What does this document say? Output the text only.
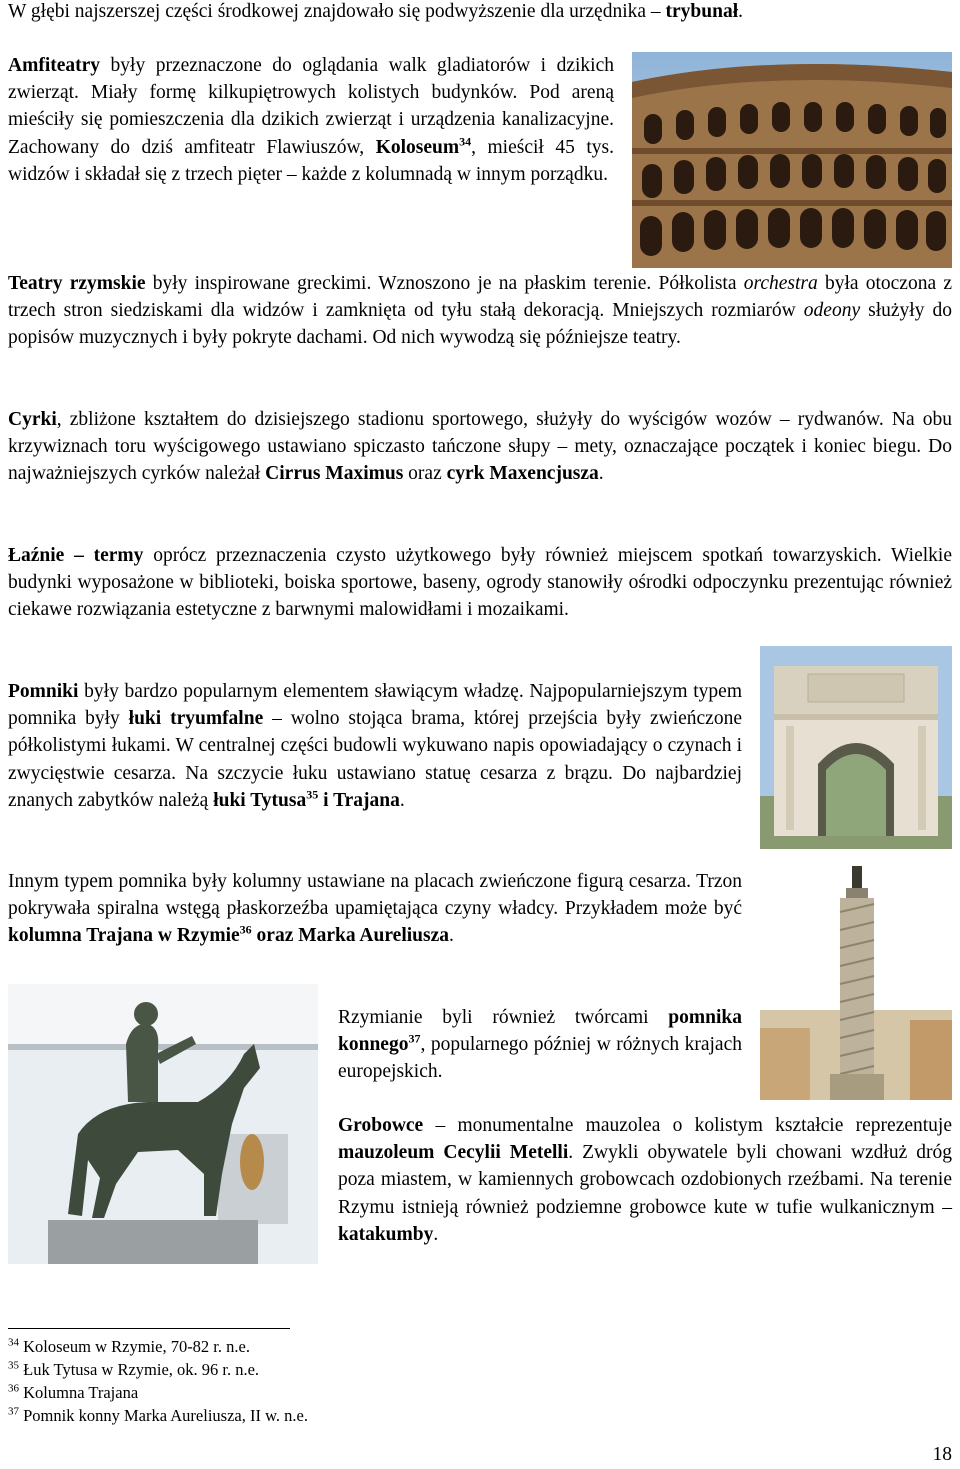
W głębi najszerszej części środkowej znajdowało się podwyższenie dla urzędnika – trybunał.

Amfiteatry były przeznaczone do oglądania walk gladiatorów i dzikich zwierząt. Miały formę kilkupiętrowych kolistych budynków. Pod areną mieściły się pomieszczenia dla dzikich zwierząt i urządzenia kanalizacyjne. Zachowany do dziś amfiteatr Flawiuszów, Koloseum$^{34}$, mieścił 45 tys. widzów i składał się z trzech pięter – każde z kolumnadą w innym porządku.

Teatry rzymskie były inspirowane greckimi. Wznoszono je na płaskim terenie. Półkolista orchestra była otoczona z trzech stron siedziskami dla widzów i zamknięta od tyłu stałą dekoracją. Mniejszych rozmiarów odeony służyły do popisów muzycznych i były pokryte dachami. Od nich wywodzą się późniejsze teatry.

Cyrki, zbliżone kształtem do dzisiejszego stadionu sportowego, służyły do wyścigów wozów – rydwanów. Na obu krzywiznach toru wyścigowego ustawiano spiczasto tańczone słupy – mety, oznaczające początek i koniec biegu. Do najważniejszych cyrków należał Cirrus Maximus oraz cyrk Maxencjusza.

Łaźnie – termy oprócz przeznaczenia czysto użytkowego były również miejscem spotkań towarzyskich. Wielkie budynki wyposażone w biblioteki, boiska sportowe, baseny, ogrody stanowiły ośrodki odpoczynku prezentując również ciekawe rozwiązania estetyczne z barwnymi malowidłami i mozaikami.

Pomniki były bardzo popularnym elementem sławiącym władzę. Najpopularniejszym typem pomnika były łuki tryumfalne – wolno stojąca brama, której przejścia były zwieńczone półkolistymi łukami. W centralnej części budowli wykuwano napis opowiadający o czynach i zwycięstwie cesarza. Na szczycie łuku ustawiano statuę cesarza z brązu. Do najbardziej znanych zabytków należą łuki Tytusa$^{35}$ i Trajana.

Innym typem pomnika były kolumny ustawiane na placach zwieńczone figurą cesarza. Trzon pokrywała spiralna wstęgą płaskorzeźba upamiętająca czyny władcy. Przykładem może być kolumna Trajana w Rzymie$^{36}$ oraz Marka Aureliusza.

Rzymianie byli również twórcami pomnika konnego$^{37}$, popularnego później w różnych krajach europejskich.

Grobowce – monumentalne mauzolea o kolistym kształcie reprezentuje mauzoleum Cecylii Metelli. Zwykli obywatele byli chowani wzdłuż dróg poza miastem, w kamiennych grobowcach ozdobionych rzeźbami. Na terenie Rzymu istnieją również podziemne grobowce kute w tufie wulkanicznym – katakumby.

$^{34}$ Koloseum w Rzymie, 70-82 r. n.e.
$^{35}$ Łuk Tytusa w Rzymie, ok. 96 r. n.e.
$^{36}$ Kolumna Trajana
$^{37}$ Pomnik konny Marka Aureliusza, II w. n.e.
18
